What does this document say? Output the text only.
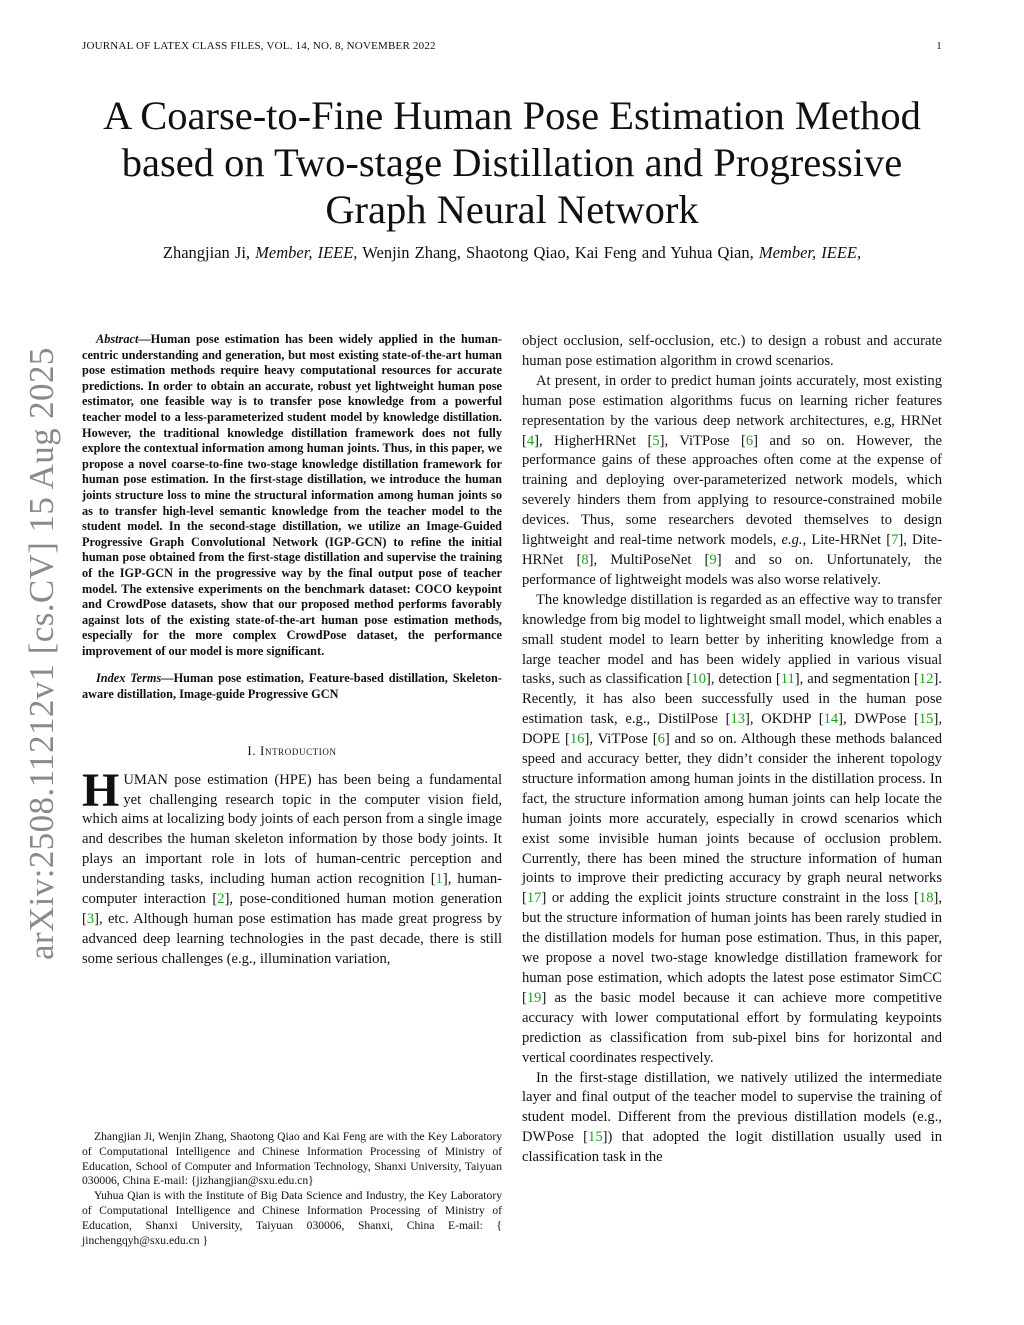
JOURNAL OF LATEX CLASS FILES, VOL. 14, NO. 8, NOVEMBER 2022	1
A Coarse-to-Fine Human Pose Estimation Method
based on Two-stage Distillation and Progressive
Graph Neural Network
Zhangjian Ji, Member, IEEE, Wenjin Zhang, Shaotong Qiao, Kai Feng and Yuhua Qian, Member, IEEE,
arXiv:2508.11212v1 [cs.CV] 15 Aug 2025

Abstract—Human pose estimation has been widely applied in the human-centric understanding and generation, but most existing state-of-the-art human pose estimation methods require heavy computational resources for accurate predictions. In order to obtain an accurate, robust yet lightweight human pose estimator, one feasible way is to transfer pose knowledge from a powerful teacher model to a less-parameterized student model by knowledge distillation. However, the traditional knowledge distillation framework does not fully explore the contextual information among human joints. Thus, in this paper, we propose a novel coarse-to-fine two-stage knowledge distillation framework for human pose estimation. In the first-stage distillation, we introduce the human joints structure loss to mine the structural information among human joints so as to transfer high-level semantic knowledge from the teacher model to the student model. In the second-stage distillation, we utilize an Image-Guided Progressive Graph Convolutional Network (IGP-GCN) to refine the initial human pose obtained from the first-stage distillation and supervise the training of the IGP-GCN in the progressive way by the final output pose of teacher model. The extensive experiments on the benchmark dataset: COCO keypoint and CrowdPose datasets, show that our proposed method performs favorably against lots of the existing state-of-the-art human pose estimation methods, especially for the more complex CrowdPose dataset, the performance improvement of our model is more significant.

Index Terms—Human pose estimation, Feature-based distillation, Skeleton-aware distillation, Image-guide Progressive GCN

I. Introduction

HUMAN pose estimation (HPE) has been being a fundamental yet challenging research topic in the computer vision field, which aims at localizing body joints of each person from a single image and describes the human skeleton information by those body joints. It plays an important role in lots of human-centric perception and understanding tasks, including human action recognition [1], human-computer interaction [2], pose-conditioned human motion generation [3], etc. Although human pose estimation has made great progress by advanced deep learning technologies in the past decade, there is still some serious challenges (e.g., illumination variation,

Zhangjian Ji, Wenjin Zhang, Shaotong Qiao and Kai Feng are with the Key Laboratory of Computational Intelligence and Chinese Information Processing of Ministry of Education, School of Computer and Information Technology, Shanxi University, Taiyuan 030006, China E-mail: {jizhangjian@sxu.edu.cn}

Yuhua Qian is with the Institute of Big Data Science and Industry, the Key Laboratory of Computational Intelligence and Chinese Information Processing of Ministry of Education, Shanxi University, Taiyuan 030006, Shanxi, China E-mail: { jinchengqyh@sxu.edu.cn }

object occlusion, self-occlusion, etc.) to design a robust and accurate human pose estimation algorithm in crowd scenarios.

At present, in order to predict human joints accurately, most existing human pose estimation algorithms fucus on learning richer features representation by the various deep network architectures, e.g, HRNet [4], HigherHRNet [5], ViTPose [6] and so on. However, the performance gains of these approaches often come at the expense of training and deploying over-parameterized network models, which severely hinders them from applying to resource-constrained mobile devices. Thus, some researchers devoted themselves to design lightweight and real-time network models, e.g., Lite-HRNet [7], Dite-HRNet [8], MultiPoseNet [9] and so on. Unfortunately, the performance of lightweight models was also worse relatively.

The knowledge distillation is regarded as an effective way to transfer knowledge from big model to lightweight small model, which enables a small student model to learn better by inheriting knowledge from a large teacher model and has been widely applied in various visual tasks, such as classification [10], detection [11], and segmentation [12]. Recently, it has also been successfully used in the human pose estimation task, e.g., DistilPose [13], OKDHP [14], DWPose [15], DOPE [16], ViTPose [6] and so on. Although these methods balanced speed and accuracy better, they didn’t consider the inherent topology structure information among human joints in the distillation process. In fact, the structure information among human joints can help locate the human joints more accurately, especially in crowd scenarios which exist some invisible human joints because of occlusion problem. Currently, there has been mined the structure information of human joints to improve their predicting accuracy by graph neural networks [17] or adding the explicit joints structure constraint in the loss [18], but the structure information of human joints has been rarely studied in the distillation models for human pose estimation. Thus, in this paper, we propose a novel two-stage knowledge distillation framework for human pose estimation, which adopts the latest pose estimator SimCC [19] as the basic model because it can achieve more competitive accuracy with lower computational effort by formulating keypoints prediction as classification from sub-pixel bins for horizontal and vertical coordinates respectively.

In the first-stage distillation, we natively utilized the intermediate layer and final output of the teacher model to supervise the training of student model. Different from the previous distillation models (e.g., DWPose [15]) that adopted the logit distillation usually used in classification task in the
